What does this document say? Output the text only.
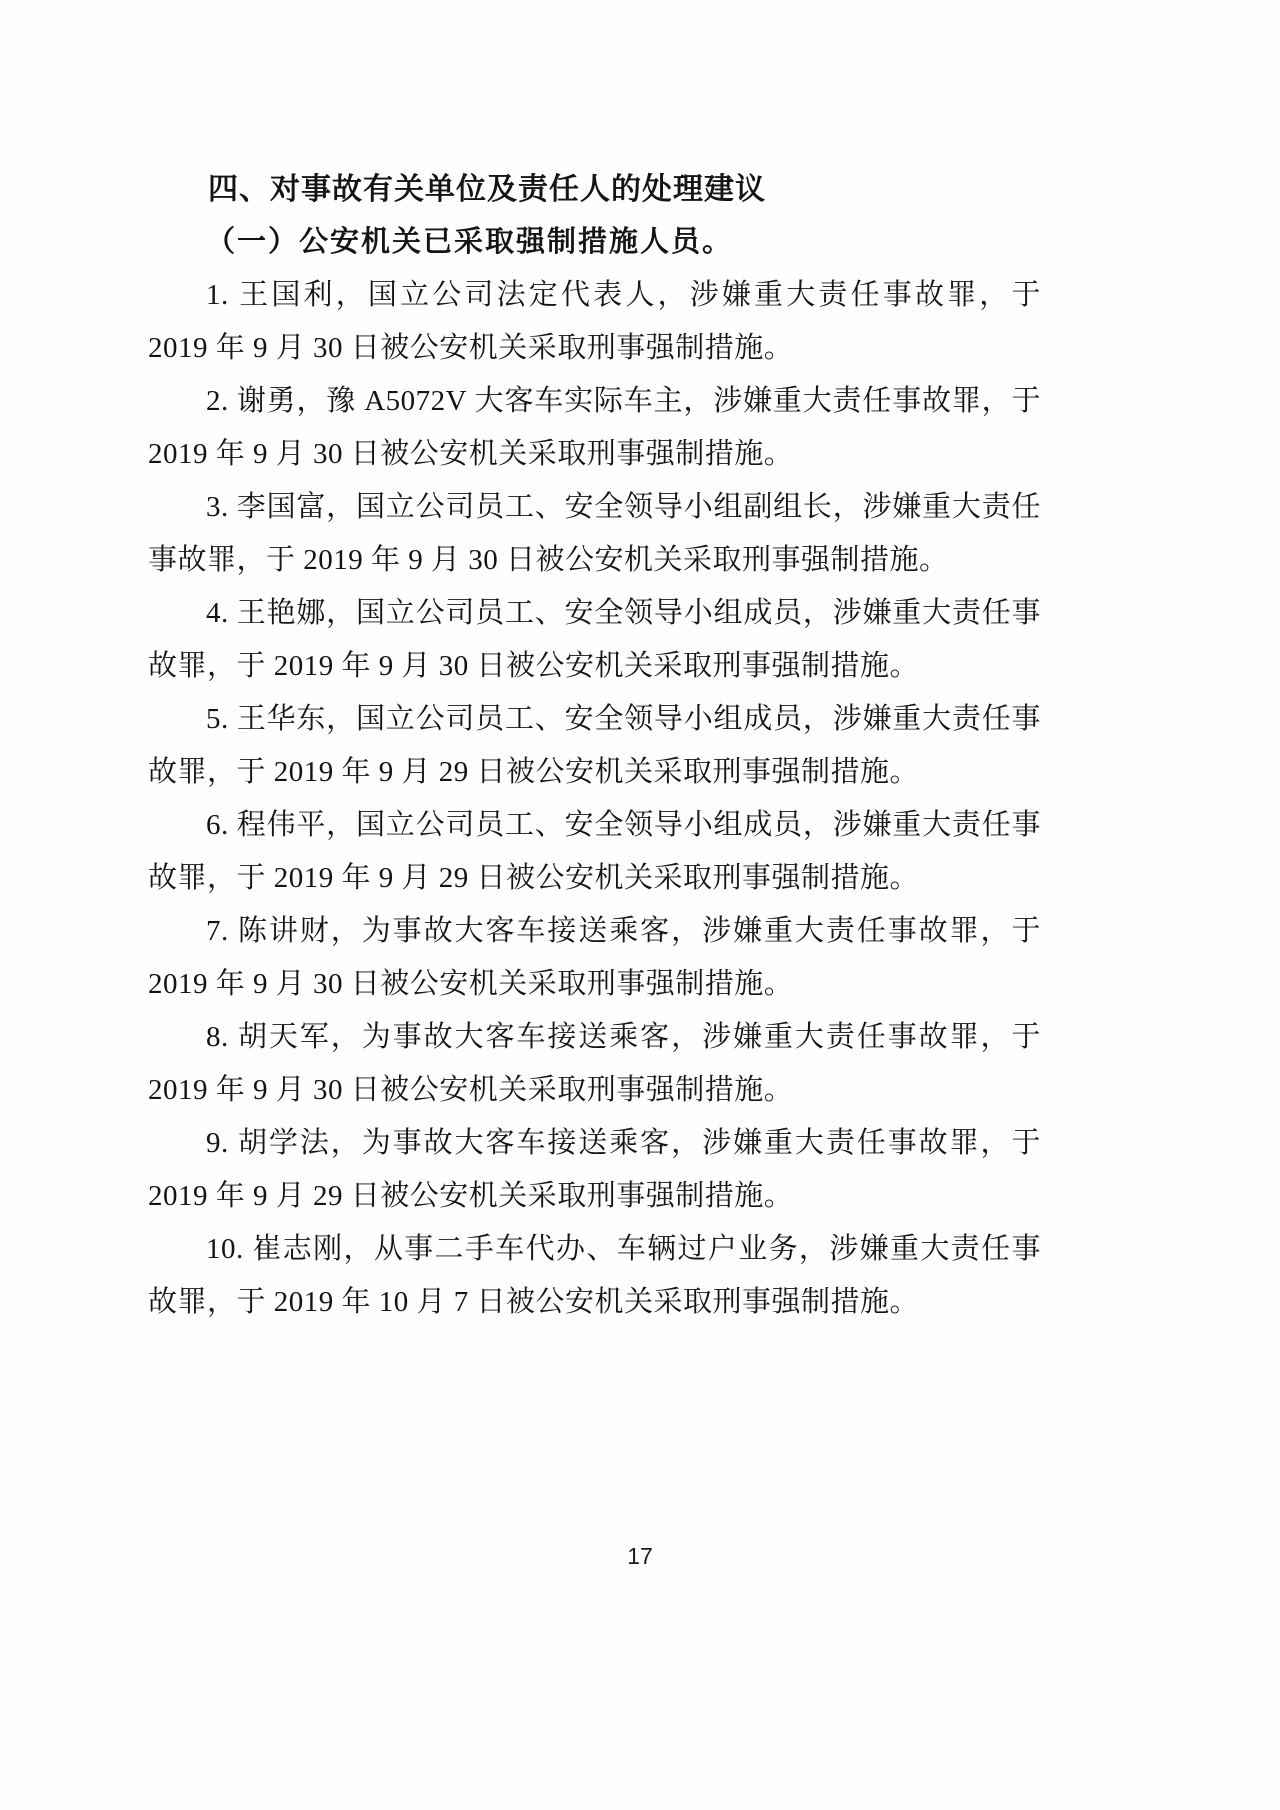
四、对事故有关单位及责任人的处理建议
（一）公安机关已采取强制措施人员。

1. 王国利，国立公司法定代表人，涉嫌重大责任事故罪，于 2019 年 9 月 30 日被公安机关采取刑事强制措施。

2. 谢勇，豫 A5072V 大客车实际车主，涉嫌重大责任事故罪，于 2019 年 9 月 30 日被公安机关采取刑事强制措施。

3. 李国富，国立公司员工、安全领导小组副组长，涉嫌重大责任事故罪，于 2019 年 9 月 30 日被公安机关采取刑事强制措施。

4. 王艳娜，国立公司员工、安全领导小组成员，涉嫌重大责任事故罪，于 2019 年 9 月 30 日被公安机关采取刑事强制措施。

5. 王华东，国立公司员工、安全领导小组成员，涉嫌重大责任事故罪，于 2019 年 9 月 29 日被公安机关采取刑事强制措施。

6. 程伟平，国立公司员工、安全领导小组成员，涉嫌重大责任事故罪，于 2019 年 9 月 29 日被公安机关采取刑事强制措施。

7. 陈讲财，为事故大客车接送乘客，涉嫌重大责任事故罪，于 2019 年 9 月 30 日被公安机关采取刑事强制措施。

8. 胡天军，为事故大客车接送乘客，涉嫌重大责任事故罪，于 2019 年 9 月 30 日被公安机关采取刑事强制措施。

9. 胡学法，为事故大客车接送乘客，涉嫌重大责任事故罪，于 2019 年 9 月 29 日被公安机关采取刑事强制措施。

10. 崔志刚，从事二手车代办、车辆过户业务，涉嫌重大责任事故罪，于 2019 年 10 月 7 日被公安机关采取刑事强制措施。

17
